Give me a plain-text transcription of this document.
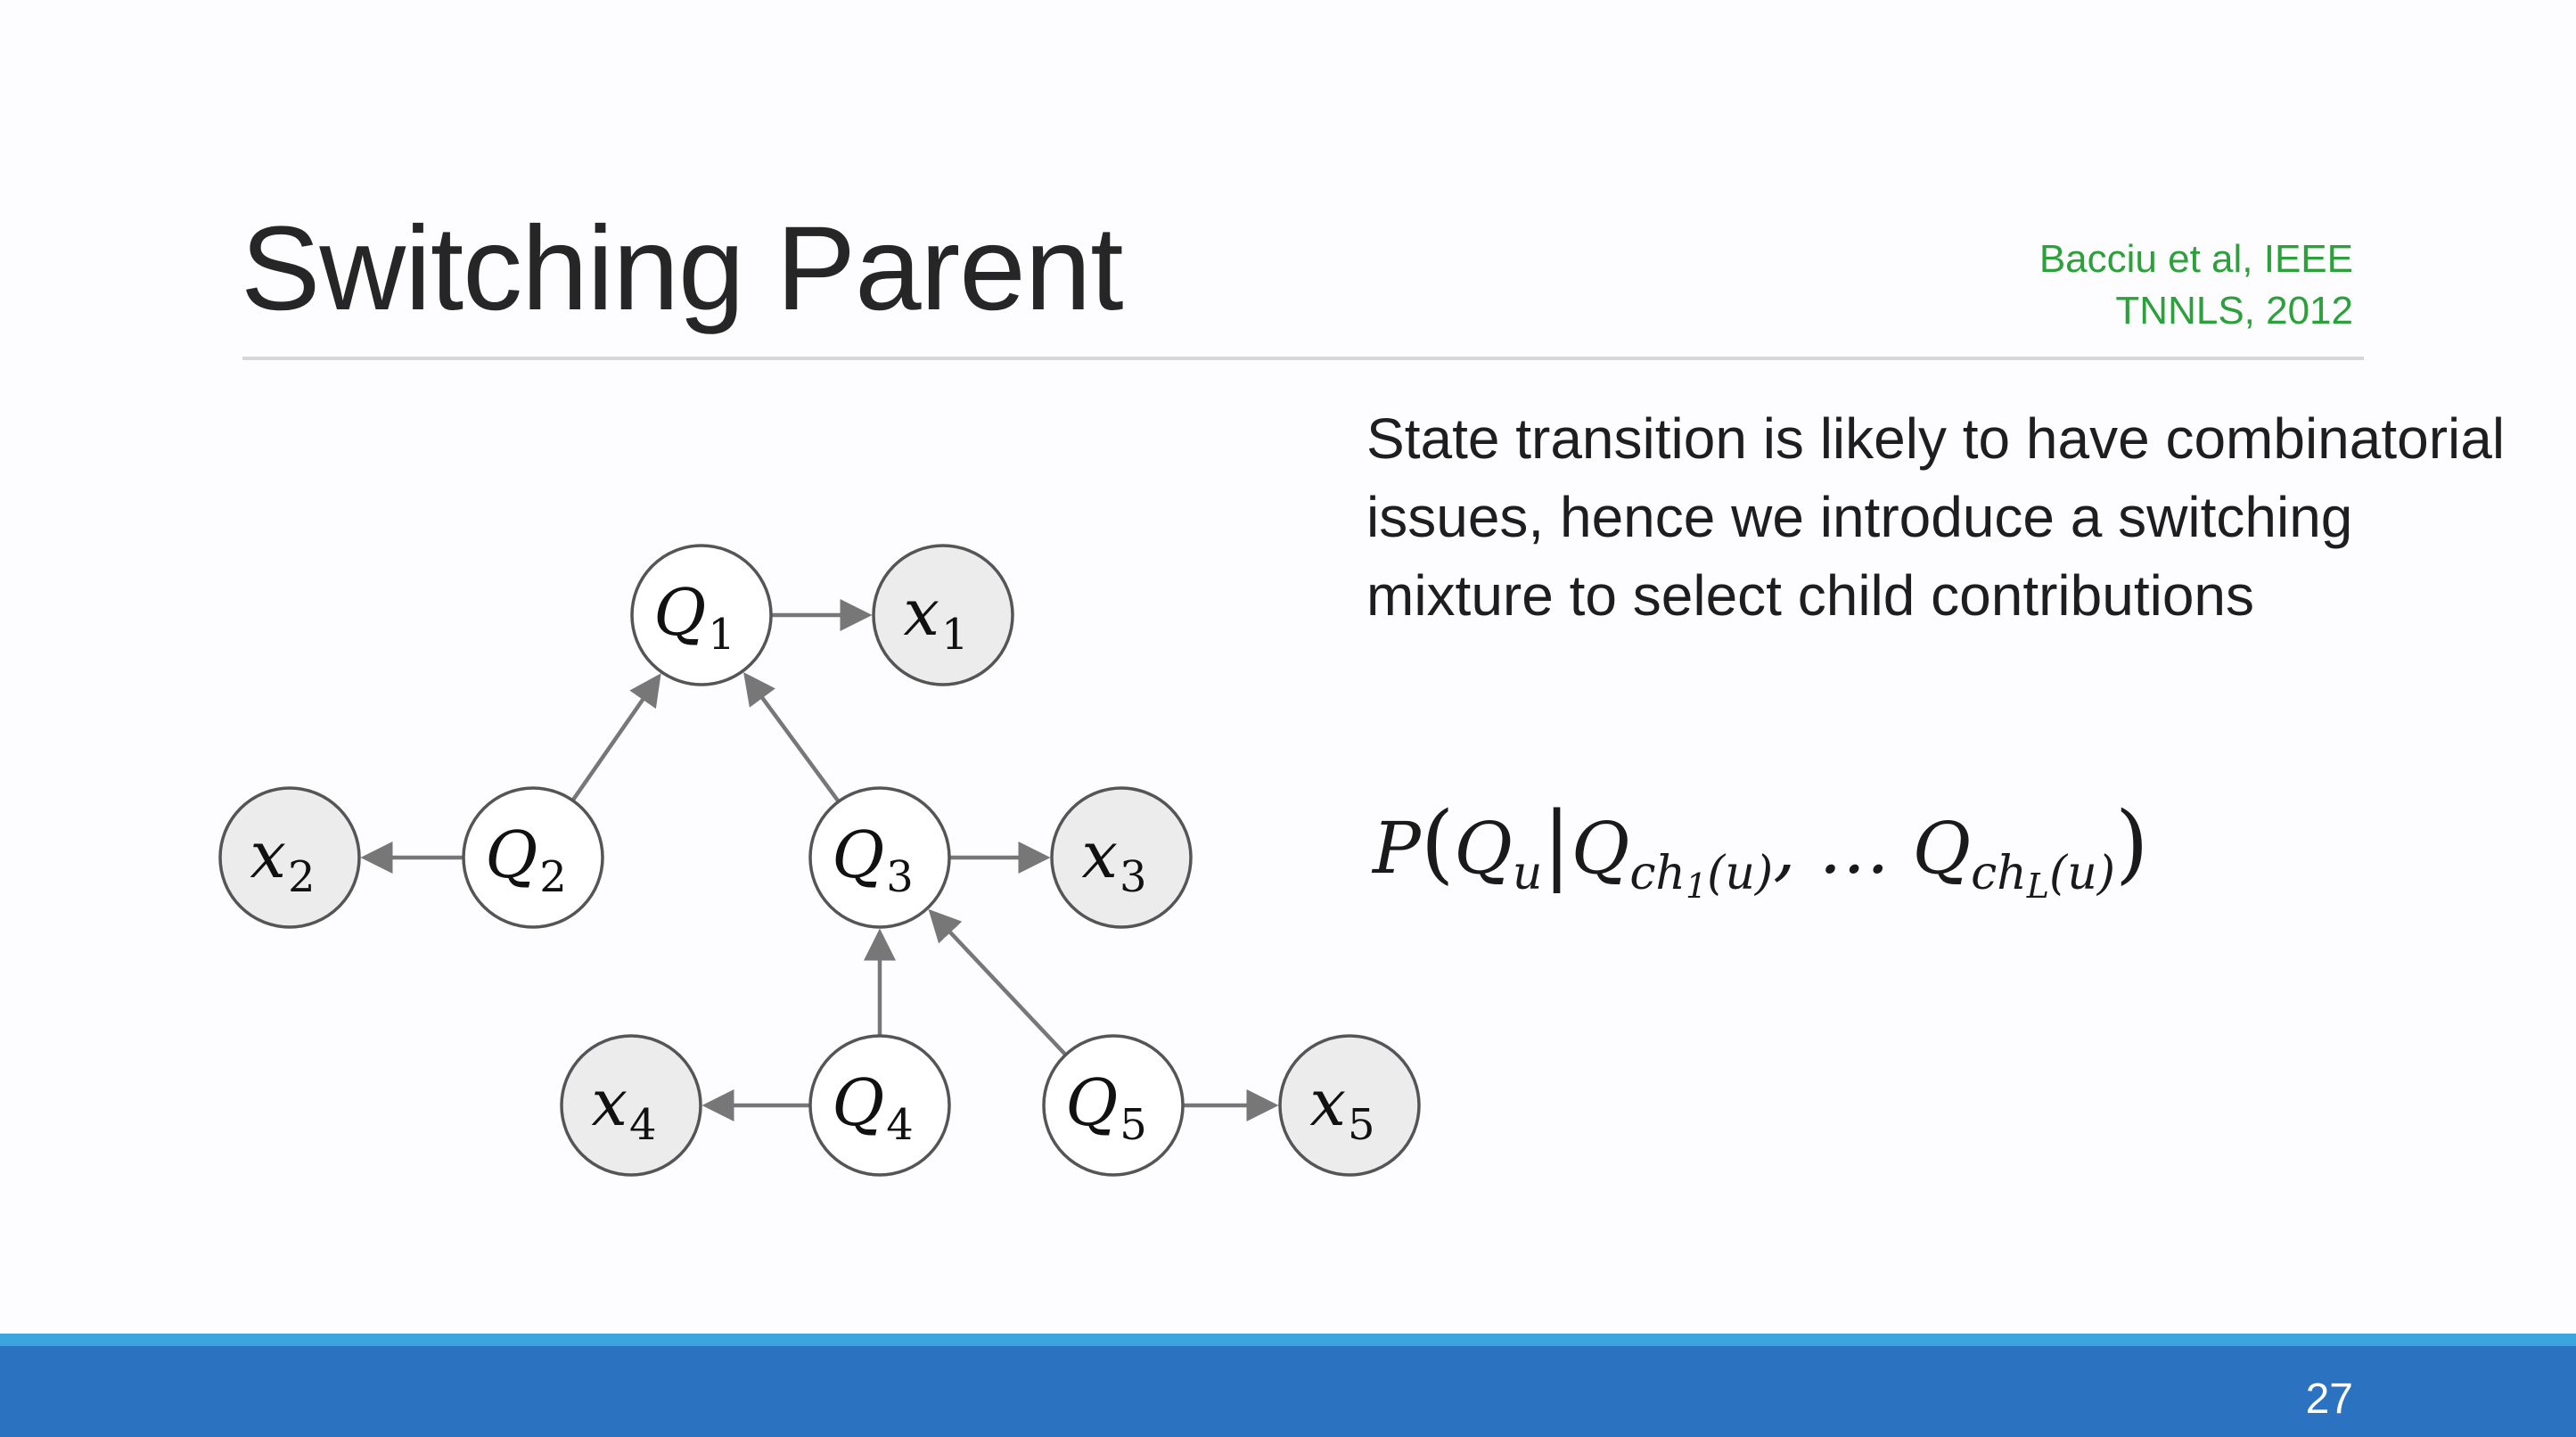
Switching Parent	Bacciu et al, IEEE
TNNLS, 2012
$Q_1$	$x_1$
$x_2$	$Q_2$	$Q_3$	$x_3$
$x_4$	$Q_4$ $Q_5$	$x_5$
State transition is likely to have combinatorial issues, hence we introduce a switching mixture to select child contributions
$P(Q_u|Q_{ch_1(u)}$, … $Q_{ch_L(u)}$)
27
